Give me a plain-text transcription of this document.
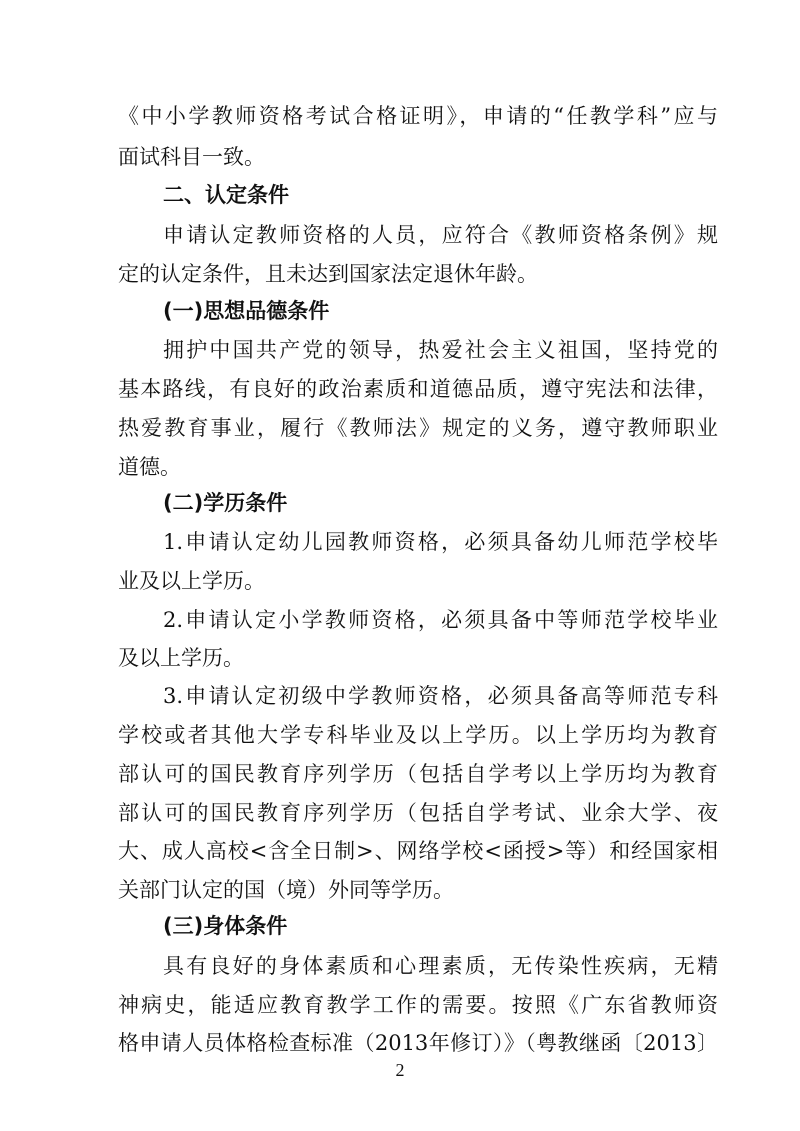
《中小学教师资格考试合格证明》，申请的“任教学科”应与
面试科目一致。
二、认定条件
申请认定教师资格的人员，应符合《教师资格条例》规
定的认定条件，且未达到国家法定退休年龄。
(一)思想品德条件
拥护中国共产党的领导，热爱社会主义祖国，坚持党的
基本路线，有良好的政治素质和道德品质，遵守宪法和法律，
热爱教育事业，履行《教师法》规定的义务，遵守教师职业
道德。
(二)学历条件
1.申请认定幼儿园教师资格，必须具备幼儿师范学校毕
业及以上学历。
2.申请认定小学教师资格，必须具备中等师范学校毕业
及以上学历。
3.申请认定初级中学教师资格，必须具备高等师范专科
学校或者其他大学专科毕业及以上学历。以上学历均为教育
部认可的国民教育序列学历（包括自学考以上学历均为教育
部认可的国民教育序列学历（包括自学考试、业余大学、夜
大、成人高校<含全日制>、网络学校<函授>等）和经国家相
关部门认定的国（境）外同等学历。
(三)身体条件
具有良好的身体素质和心理素质，无传染性疾病，无精
神病史，能适应教育教学工作的需要。按照《广东省教师资
格申请人员体格检查标准（2013年修订）》（粤教继函〔2013〕
2
